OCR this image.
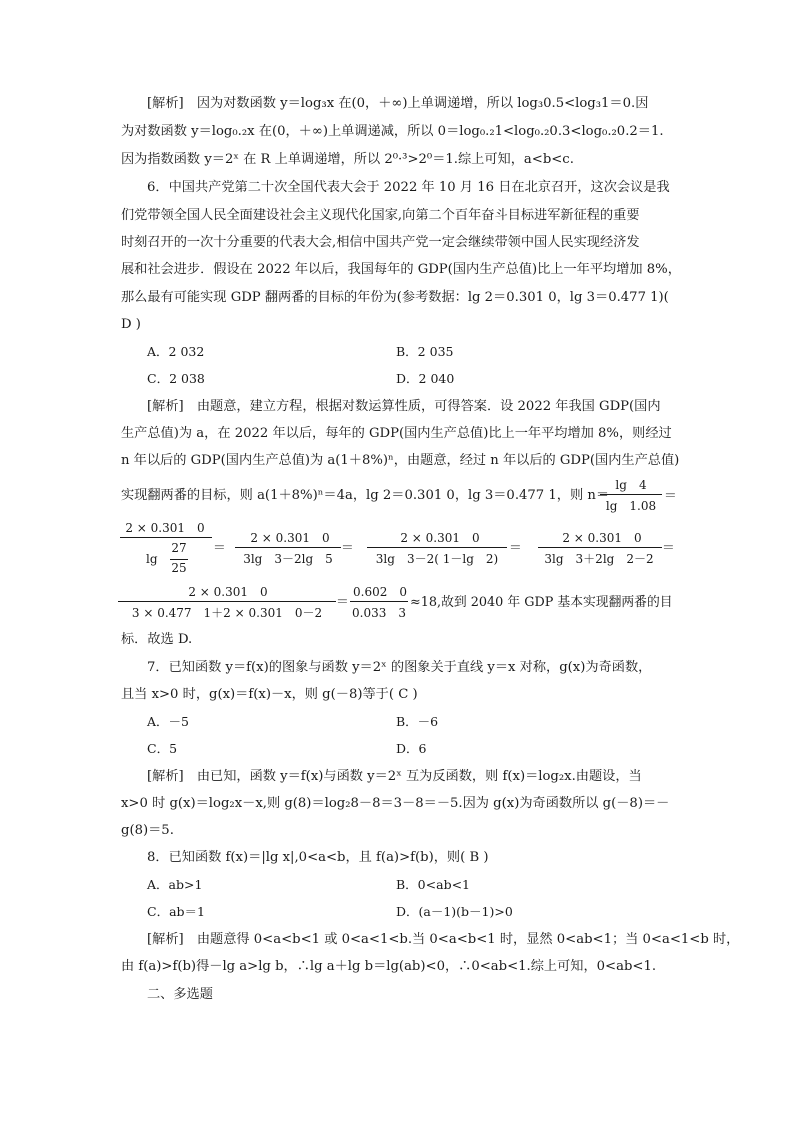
[解析]　因为对数函数 y＝log₃x 在(0，＋∞)上单调递增，所以 log₃0.5<log₃1＝0.因
为对数函数 y＝log₀.₂x 在(0，＋∞)上单调递减，所以 0＝log₀.₂1<log₀.₂0.3<log₀.₂0.2＝1.
因为指数函数 y＝2ˣ 在 R 上单调递增，所以 2⁰·³>2⁰＝1.综上可知，a<b<c.
6．中国共产党第二十次全国代表大会于 2022 年 10 月 16 日在北京召开，这次会议是我
们党带领全国人民全面建设社会主义现代化国家,向第二个百年奋斗目标进军新征程的重要
时刻召开的一次十分重要的代表大会,相信中国共产党一定会继续带领中国人民实现经济发
展和社会进步．假设在 2022 年以后，我国每年的 GDP(国内生产总值)比上一年平均增加 8%，
那么最有可能实现 GDP 翻两番的目标的年份为(参考数据：lg 2＝0.301 0，lg 3＝0.477 1)(
D )
A．2 032	B．2 035
C．2 038	D．2 040
[解析]　由题意，建立方程，根据对数运算性质，可得答案．设 2022 年我国 GDP(国内
生产总值)为 a，在 2022 年以后，每年的 GDP(国内生产总值)比上一年平均增加 8%，则经过
n 年以后的 GDP(国内生产总值)为 a(1＋8%)ⁿ，由题意，经过 n 年以后的 GDP(国内生产总值)
实现翻两番的目标，则 a(1＋8%)ⁿ＝4a，lg 2＝0.301 0，lg 3＝0.477 1，则 n＝
lg　4
lg　1.08
＝
2 × 0.301　0
lg
27
25
＝
2 × 0.301　0
3lg　3－2lg　5
＝
2 × 0.301　0
3lg　3－2( 1－lg　2)
＝
2 × 0.301　0
3lg　3＋2lg　2－2
＝
2 × 0.301　0
3 × 0.477　1＋2 × 0.301　0－2
＝
0.602　0
0.033　3
≈18,故到 2040 年 GDP 基本实现翻两番的目
标．故选 D.
7．已知函数 y＝f(x)的图象与函数 y＝2ˣ 的图象关于直线 y＝x 对称，g(x)为奇函数，
且当 x>0 时，g(x)＝f(x)－x，则 g(－8)等于( C )
A．－5	B．－6
C．5	D．6
[解析]　由已知，函数 y＝f(x)与函数 y＝2ˣ 互为反函数，则 f(x)＝log₂x.由题设，当
x>0 时 g(x)＝log₂x－x,则 g(8)＝log₂8－8＝3－8＝－5.因为 g(x)为奇函数所以 g(－8)＝－
g(8)＝5.
8．已知函数 f(x)＝|lg x|,0<a<b，且 f(a)>f(b)，则( B )
A．ab>1	B．0<ab<1
C．ab＝1	D．(a－1)(b－1)>0
[解析]　由题意得 0<a<b<1 或 0<a<1<b.当 0<a<b<1 时，显然 0<ab<1；当 0<a<1<b 时，
由 f(a)>f(b)得－lg a>lg b，∴lg a＋lg b＝lg(ab)<0，∴0<ab<1.综上可知，0<ab<1.
二、多选题
